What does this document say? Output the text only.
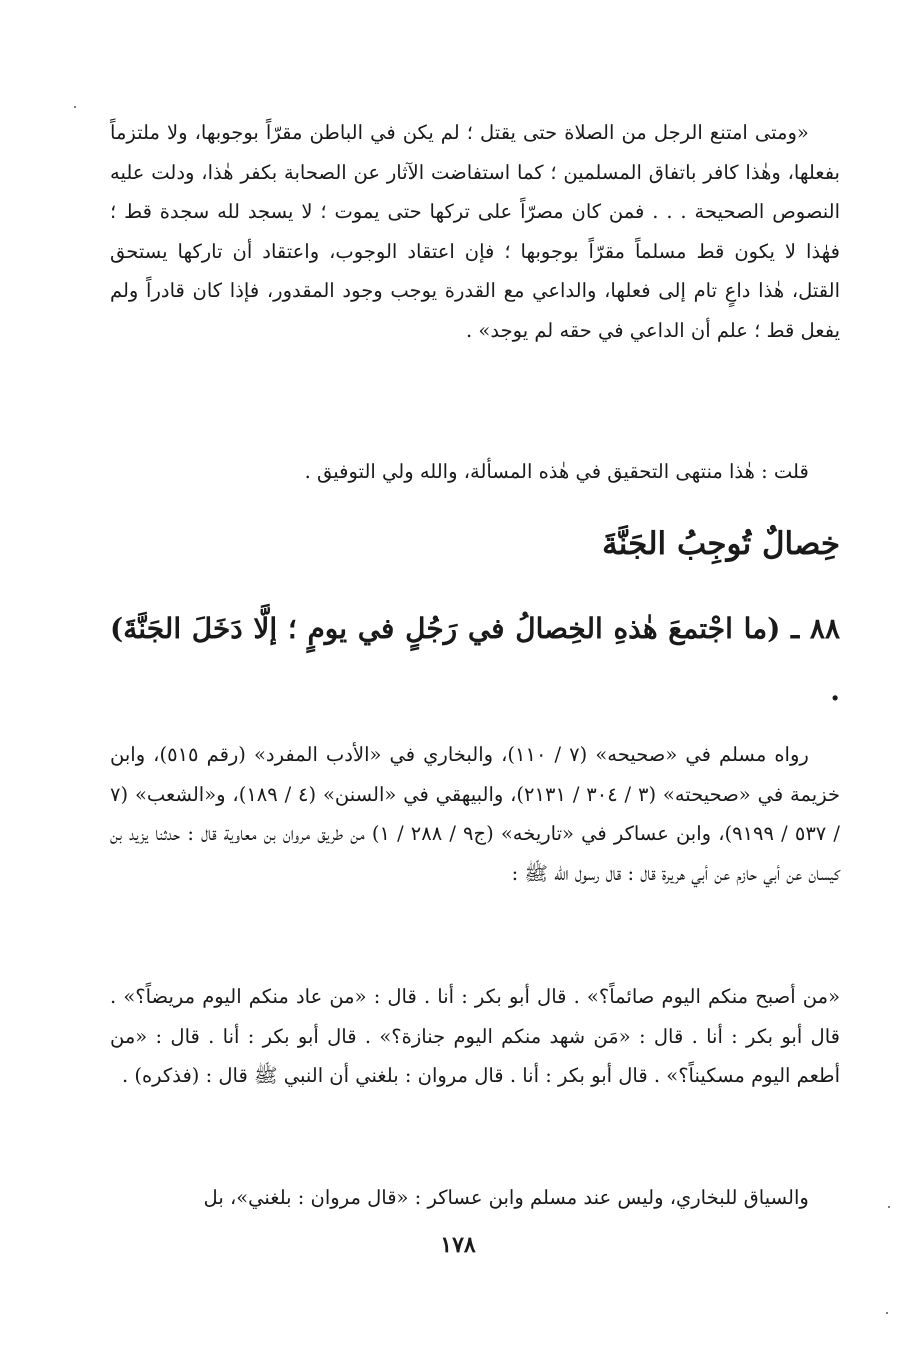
«ومتى امتنع الرجل من الصلاة حتى يقتل ؛ لم يكن في الباطن مقرّاً بوجوبها، ولا ملتزماً بفعلها، وهٰذا كافر باتفاق المسلمين ؛ كما استفاضت الآثار عن الصحابة بكفر هٰذا، ودلت عليه النصوص الصحيحة . . . فمن كان مصرّاً على تركها حتى يموت ؛ لا يسجد لله سجدة قط ؛ فهٰذا لا يكون قط مسلماً مقرّاً بوجوبها ؛ فإن اعتقاد الوجوب، واعتقاد أن تاركها يستحق القتل، هٰذا داعٍ تام إلى فعلها، والداعي مع القدرة يوجب وجود المقدور، فإذا كان قادراً ولم يفعل قط ؛ علم أن الداعي في حقه لم يوجد» .

قلت : هٰذا منتهى التحقيق في هٰذه المسألة، والله ولي التوفيق .

خِصالٌ تُوجِبُ الجَنَّةَ
٨٨ ـ (ما اجْتمعَ هٰذهِ الخِصالُ في رَجُلٍ في يومٍ ؛ إلَّا دَخَلَ الجَنَّةَ) .

رواه مسلم في «صحيحه» (٧ / ١١٠)، والبخاري في «الأدب المفرد» (رقم ٥١٥)، وابن خزيمة في «صحيحته» (٣ / ٣٠٤ / ٢١٣١)، والبيهقي في «السنن» (٤ / ١٨٩)، و«الشعب» (٧ / ٥٣٧ / ٩١٩٩)، وابن عساكر في «تاريخه» (ج٩ / ٢٨٨ / ١) من طريق مروان بن معاوية قال : حدثنا يزيد بن كيسان عن أبي حازم عن أبي هريرة قال : قال رسول الله ﷺ :

«من أصبح منكم اليوم صائماً؟» . قال أبو بكر : أنا . قال : «من عاد منكم اليوم مريضاً؟» . قال أبو بكر : أنا . قال : «مَن شهد منكم اليوم جنازة؟» . قال أبو بكر : أنا . قال : «من أطعم اليوم مسكيناً؟» . قال أبو بكر : أنا . قال مروان : بلغني أن النبي ﷺ قال : (فذكره) .

والسياق للبخاري، وليس عند مسلم وابن عساكر : «قال مروان : بلغني»، بل

١٧٨
